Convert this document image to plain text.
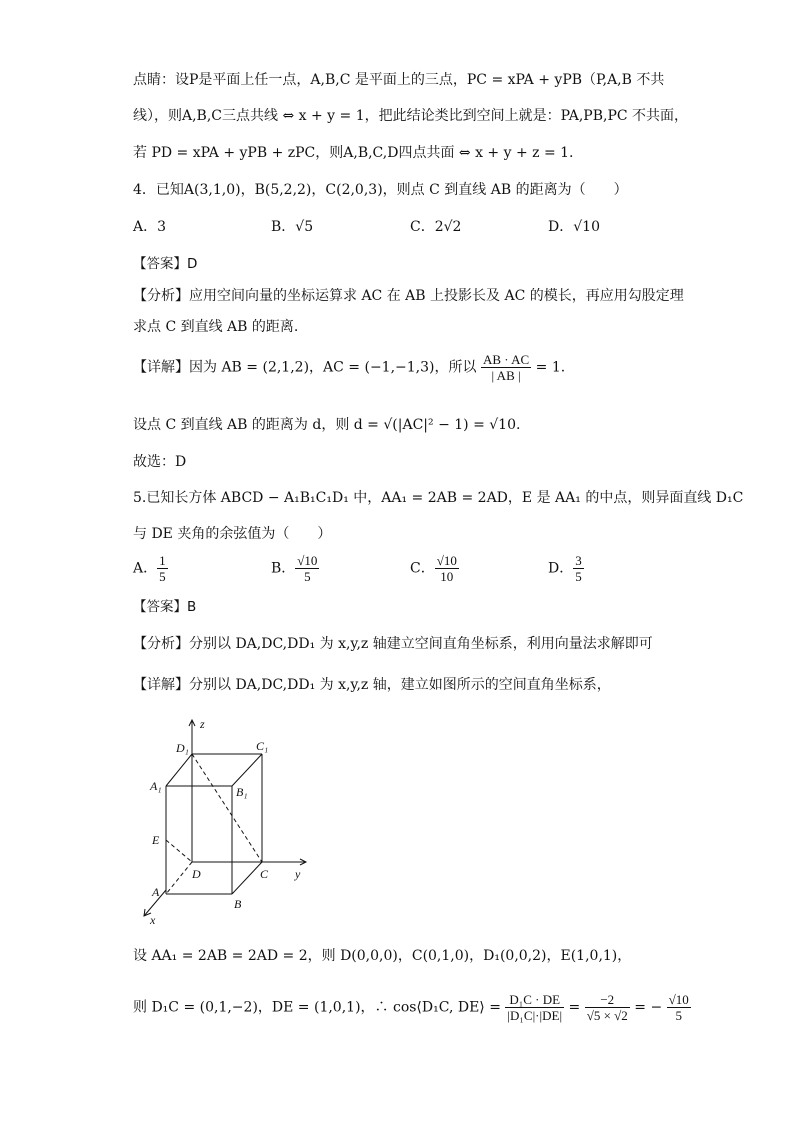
点睛：设P是平面上任一点，A,B,C 是平面上的三点，PC = xPA + yPB（P,A,B 不共
线），则A,B,C三点共线 ⇔ x + y = 1，把此结论类比到空间上就是：PA,PB,PC 不共面，
若 PD = xPA + yPB + zPC，则A,B,C,D四点共面 ⇔ x + y + z = 1.
4．已知A(3,1,0)，B(5,2,2)，C(2,0,3)，则点 C 到直线 AB 的距离为（　　）
A．3	B．√5	C．2√2	D．√10
【答案】D
【分析】应用空间向量的坐标运算求 AC 在 AB 上投影长及 AC 的模长，再应用勾股定理
求点 C 到直线 AB 的距离.
【详解】因为 AB = (2,1,2)，AC = (−1,−1,3)，所以 $\frac{AB \cdot AC}{| AB |} = 1$.
设点 C 到直线 AB 的距离为 d，则 d = √(|AC|² − 1) = √10.
故选：D
5.已知长方体 ABCD − A₁B₁C₁D₁ 中，AA₁ = 2AB = 2AD，E 是 AA₁ 的中点，则异面直线 D₁C
与 DE 夹角的余弦值为（　　）
A． $\frac{1}{5}$	B． $\frac{√10}{5}$	C． $\frac{√10}{10}$	D． $\frac{3}{5}$
【答案】B
【分析】分别以 DA,DC,DD₁ 为 x,y,z 轴建立空间直角坐标系，利用向量法求解即可
【详解】分别以 DA,DC,DD₁ 为 x,y,z 轴，建立如图所示的空间直角坐标系，
z
y
x
D₁	C₁
A₁	B₁
E
D	C
A
B
设 AA₁ = 2AB = 2AD = 2，则 D(0,0,0)，C(0,1,0)，D₁(0,0,2)，E(1,0,1)，
则 D₁C = (0,1,−2)，DE = (1,0,1)，∴ cos⟨D₁C, DE⟩ = $\frac{\text{D₁C · DE}}{\text{|D₁C|·|DE|}} = \frac{-2}{√5 \times √2}$ = − $\frac{√10}{5}$
